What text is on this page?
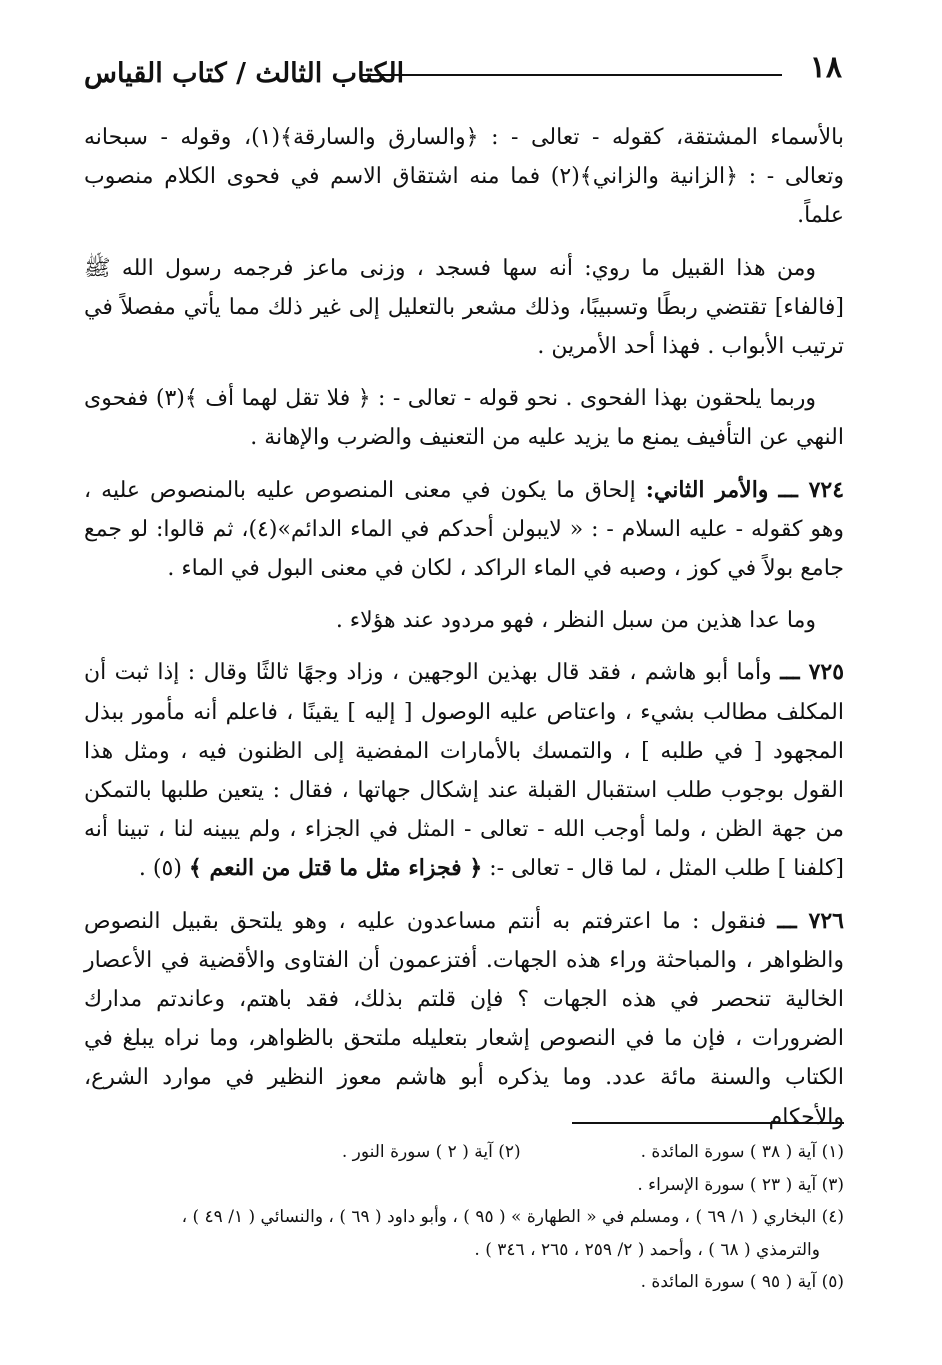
١٨
الكتاب الثالث / كتاب القياس

بالأسماء المشتقة، كقوله - تعالى - : ﴿والسارق والسارقة﴾(١)، وقوله - سبحانه وتعالى - : ﴿الزانية والزاني﴾(٢) فما منه اشتقاق الاسم في فحوى الكلام منصوب علماً.

ومن هذا القبيل ما روي: أنه سها فسجد ، وزنى ماعز فرجمه رسول الله ﷺ [فالفاء] تقتضي ربطًا وتسبيبًا، وذلك مشعر بالتعليل إلى غير ذلك مما يأتي مفصلاً في ترتيب الأبواب . فهذا أحد الأمرين .

وربما يلحقون بهذا الفحوى . نحو قوله - تعالى - : ﴿ فلا تقل لهما أف ﴾(٣) ففحوى النهي عن التأفيف يمنع ما يزيد عليه من التعنيف والضرب والإهانة .

٧٢٤ ـــ والأمر الثاني: إلحاق ما يكون في معنى المنصوص عليه بالمنصوص عليه ، وهو كقوله - عليه السلام - : « لايبولن أحدكم في الماء الدائم»(٤)، ثم قالوا: لو جمع جامع بولاً في كوز ، وصبه في الماء الراكد ، لكان في معنى البول في الماء .

وما عدا هذين من سبل النظر ، فهو مردود عند هؤلاء .

٧٢٥ ـــ وأما أبو هاشم ، فقد قال بهذين الوجهين ، وزاد وجهًا ثالثًا وقال : إذا ثبت أن المكلف مطالب بشيء ، واعتاص عليه الوصول [ إليه ] يقينًا ، فاعلم أنه مأمور ببذل المجهود [ في طلبه ] ، والتمسك بالأمارات المفضية إلى الظنون فيه ، ومثل هذا القول بوجوب طلب استقبال القبلة عند إشكال جهاتها ، فقال : يتعين طلبها بالتمكن من جهة الظن ، ولما أوجب الله - تعالى - المثل في الجزاء ، ولم يبينه لنا ، تبينا أنه [كلفنا ] طلب المثل ، لما قال - تعالى -: ﴿ فجزاء مثل ما قتل من النعم ﴾ (٥) .

٧٢٦ ـــ فنقول : ما اعترفتم به أنتم مساعدون عليه ، وهو يلتحق بقبيل النصوص والظواهر ، والمباحثة وراء هذه الجهات. أفتزعمون أن الفتاوى والأقضية في الأعصار الخالية تنحصر في هذه الجهات ؟ فإن قلتم بذلك، فقد باهتم، وعاندتم مدارك الضرورات ، فإن ما في النصوص إشعار بتعليله ملتحق بالظواهر، وما نراه يبلغ في الكتاب والسنة مائة عدد. وما يذكره أبو هاشم معوز النظير في موارد الشرع، والأحكام

(١) آية ( ٣٨ ) سورة المائدة .
(٢) آية ( ٢ ) سورة النور .
(٣) آية ( ٢٣ ) سورة الإسراء .
(٤) البخاري ( ١/ ٦٩ ) ، ومسلم في « الطهارة » ( ٩٥ ) ، وأبو داود ( ٦٩ ) ، والنسائي ( ١/ ٤٩ ) ،
والترمذي ( ٦٨ ) ، وأحمد ( ٢/ ٢٥٩ ، ٢٦٥ ، ٣٤٦ ) .
(٥) آية ( ٩٥ ) سورة المائدة .
